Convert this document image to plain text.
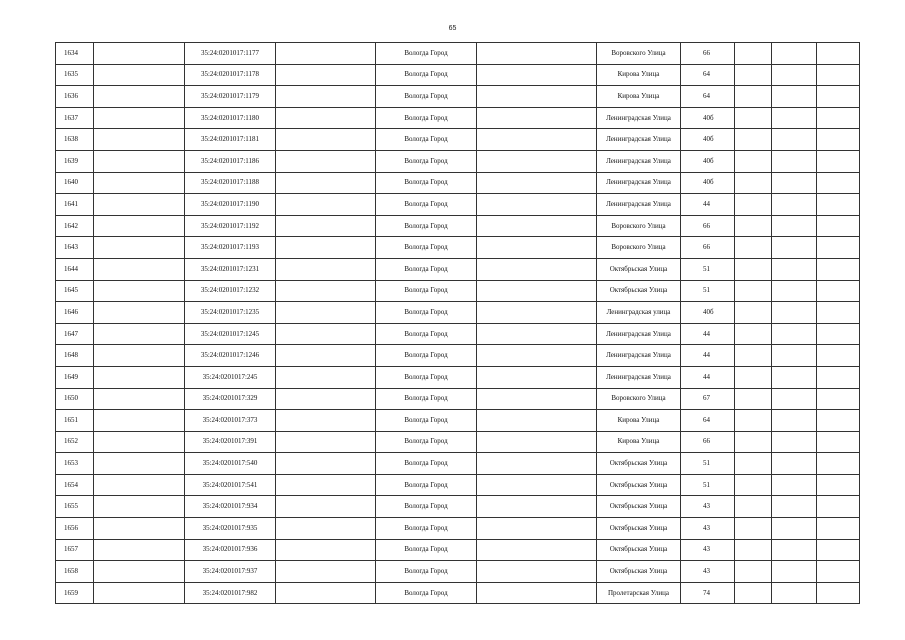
65
1634		35:24:0201017:1177		Вологда Город		Воровского Улица	66			
1635		35:24:0201017:1178		Вологда Город		Кирова Улица	64			
1636		35:24:0201017:1179		Вологда Город		Кирова Улица	64			
1637		35:24:0201017:1180		Вологда Город		Ленинградская Улица	40б			
1638		35:24:0201017:1181		Вологда Город		Ленинградская Улица	40б			
1639		35:24:0201017:1186		Вологда Город		Ленинградская Улица	40б			
1640		35:24:0201017:1188		Вологда Город		Ленинградская Улица	40б			
1641		35:24:0201017:1190		Вологда Город		Ленинградская Улица	44			
1642		35:24:0201017:1192		Вологда Город		Воровского Улица	66			
1643		35:24:0201017:1193		Вологда Город		Воровского Улица	66			
1644		35:24:0201017:1231		Вологда Город		Октябрьская Улица	51			
1645		35:24:0201017:1232		Вологда Город		Октябрьская Улица	51			
1646		35:24:0201017:1235		Вологда Город		Ленинградская улица	40б			
1647		35:24:0201017:1245		Вологда Город		Ленинградская Улица	44			
1648		35:24:0201017:1246		Вологда Город		Ленинградская Улица	44			
1649		35:24:0201017:245		Вологда Город		Ленинградская Улица	44			
1650		35:24:0201017:329		Вологда Город		Воровского Улица	67			
1651		35:24:0201017:373		Вологда Город		Кирова Улица	64			
1652		35:24:0201017:391		Вологда Город		Кирова Улица	66			
1653		35:24:0201017:540		Вологда Город		Октябрьская Улица	51			
1654		35:24:0201017:541		Вологда Город		Октябрьская Улица	51			
1655		35:24:0201017:934		Вологда Город		Октябрьская Улица	43			
1656		35:24:0201017:935		Вологда Город		Октябрьская Улица	43			
1657		35:24:0201017:936		Вологда Город		Октябрьская Улица	43			
1658		35:24:0201017:937		Вологда Город		Октябрьская Улица	43			
1659		35:24:0201017:982		Вологда Город		Пролетарская Улица	74			
